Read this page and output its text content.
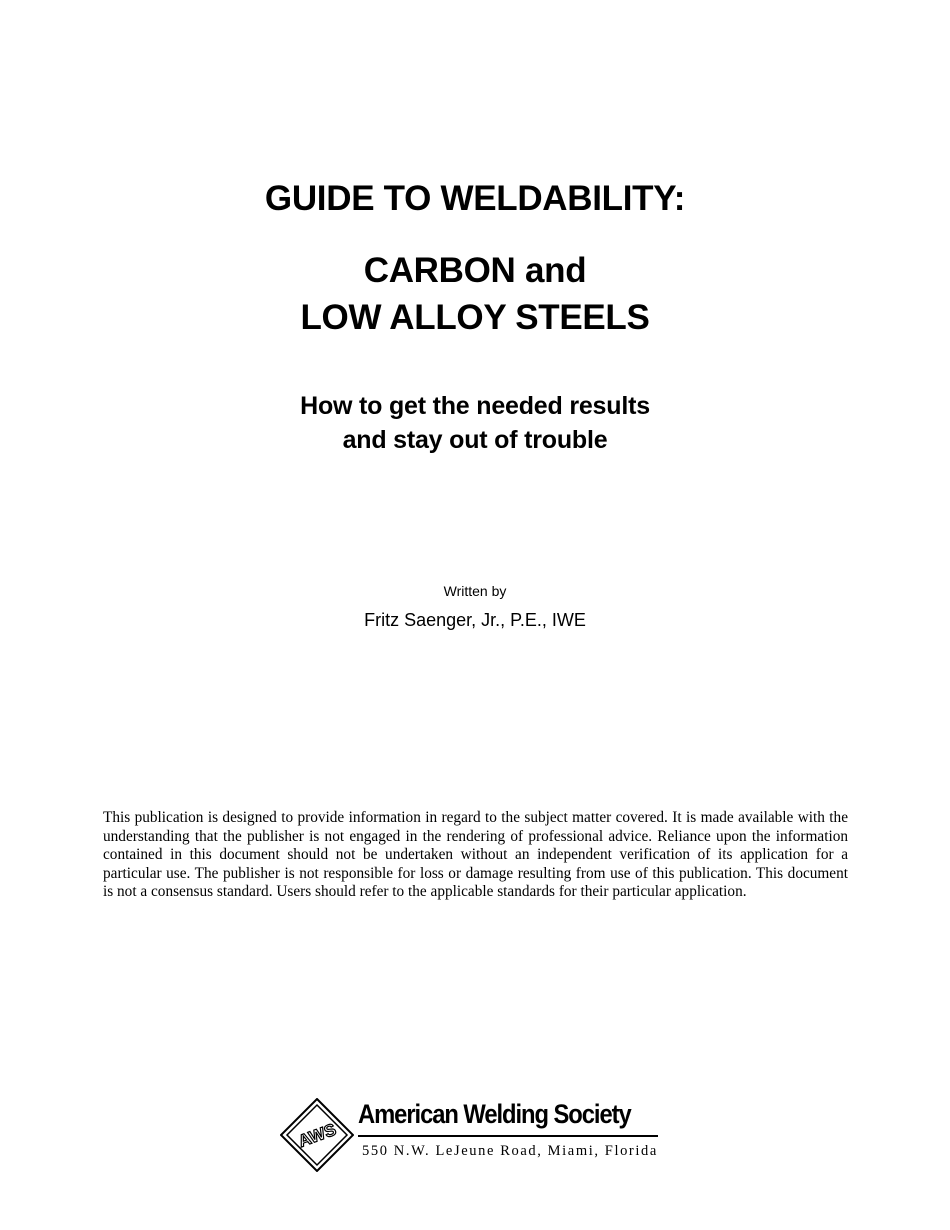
GUIDE TO WELDABILITY:
CARBON and
LOW ALLOY STEELS
How to get the needed results
and stay out of trouble
Written by
Fritz Saenger, Jr., P.E., IWE

This publication is designed to provide information in regard to the subject matter covered. It is made available with the understanding that the publisher is not engaged in the rendering of professional advice. Reliance upon the information contained in this document should not be undertaken without an independent verification of its application for a particular use. The publisher is not responsible for loss or damage resulting from use of this publication. This document is not a consensus standard. Users should refer to the applicable standards for their particular application.

AWS
American Welding Society
550 N.W. LeJeune Road, Miami, Florida
